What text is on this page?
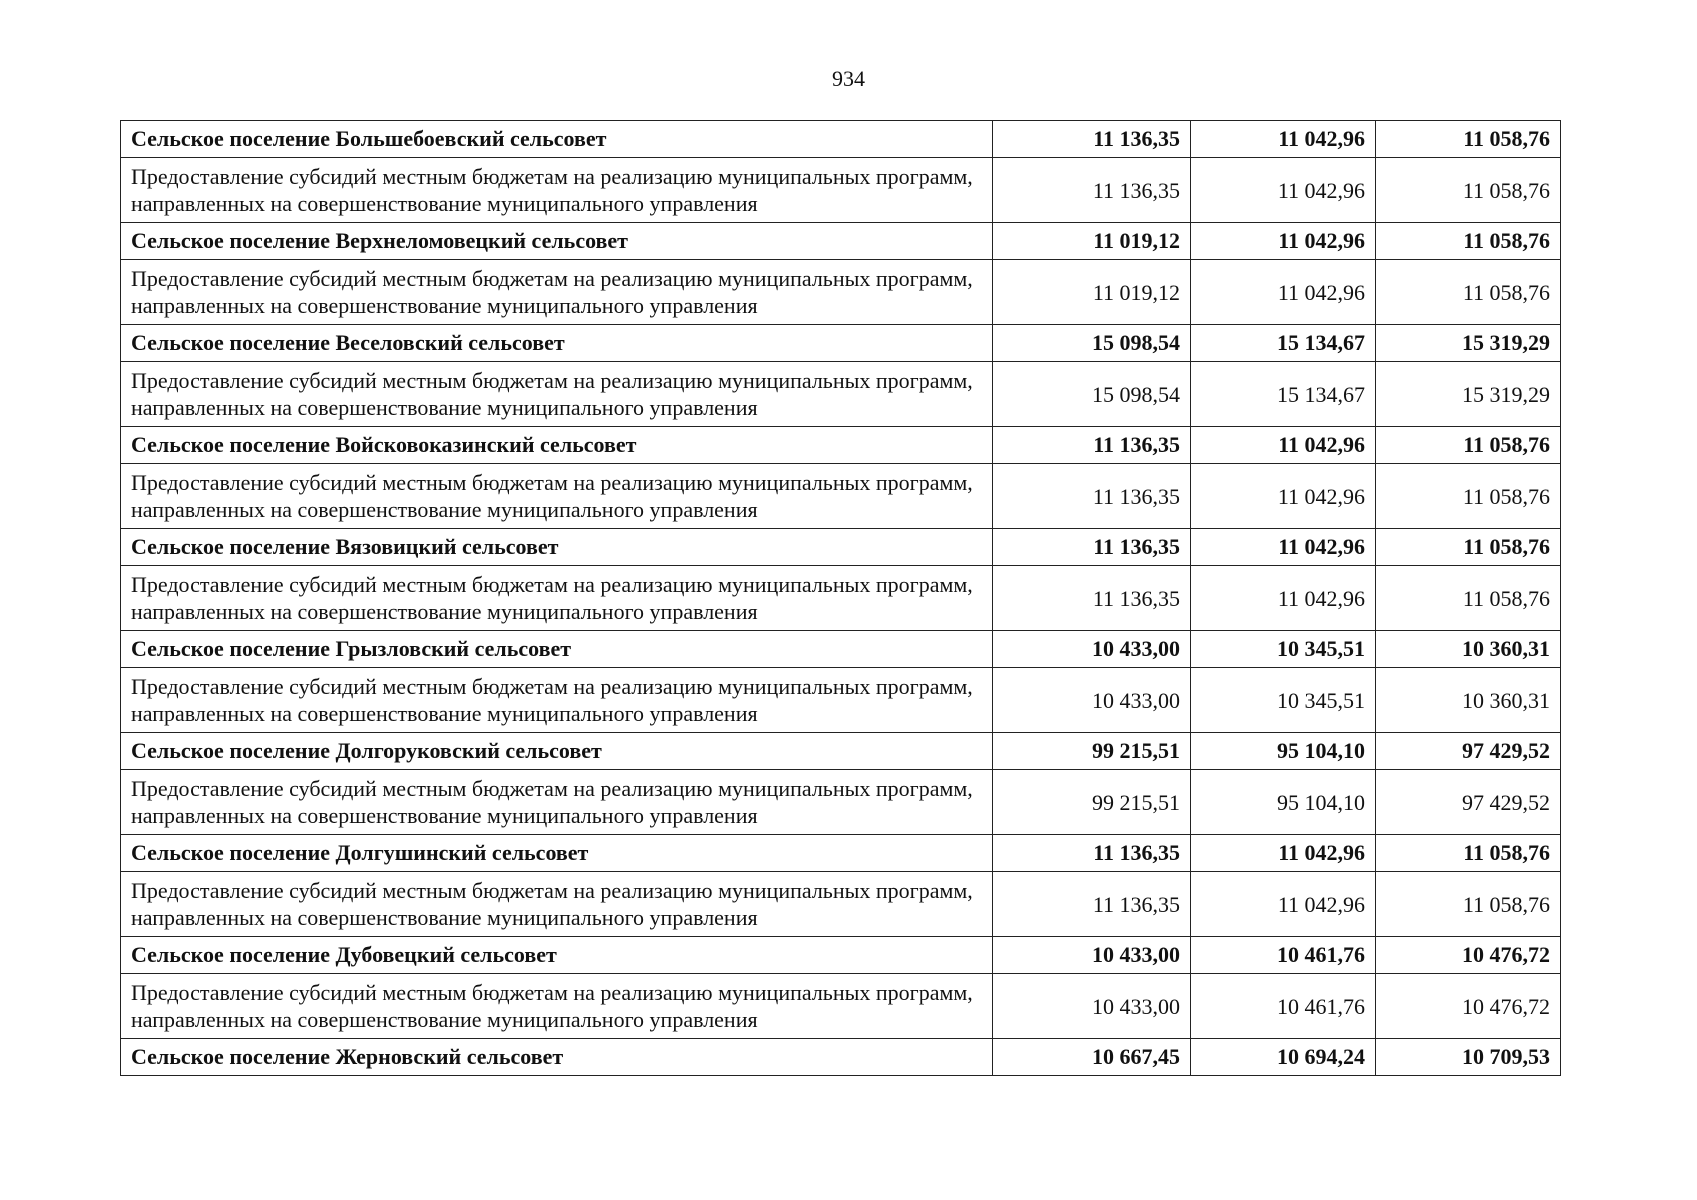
934
Сельское поселение Большебоевский сельсовет	11 136,35	11 042,96	11 058,76
Предоставление субсидий местным бюджетам на реализацию муниципальных программ, направленных на совершенствование муниципального управления	11 136,35	11 042,96	11 058,76
Сельское поселение Верхнеломовецкий сельсовет	11 019,12	11 042,96	11 058,76
Предоставление субсидий местным бюджетам на реализацию муниципальных программ, направленных на совершенствование муниципального управления	11 019,12	11 042,96	11 058,76
Сельское поселение Веселовский сельсовет	15 098,54	15 134,67	15 319,29
Предоставление субсидий местным бюджетам на реализацию муниципальных программ, направленных на совершенствование муниципального управления	15 098,54	15 134,67	15 319,29
Сельское поселение Войсковоказинский сельсовет	11 136,35	11 042,96	11 058,76
Предоставление субсидий местным бюджетам на реализацию муниципальных программ, направленных на совершенствование муниципального управления	11 136,35	11 042,96	11 058,76
Сельское поселение Вязовицкий сельсовет	11 136,35	11 042,96	11 058,76
Предоставление субсидий местным бюджетам на реализацию муниципальных программ, направленных на совершенствование муниципального управления	11 136,35	11 042,96	11 058,76
Сельское поселение Грызловский сельсовет	10 433,00	10 345,51	10 360,31
Предоставление субсидий местным бюджетам на реализацию муниципальных программ, направленных на совершенствование муниципального управления	10 433,00	10 345,51	10 360,31
Сельское поселение Долгоруковский сельсовет	99 215,51	95 104,10	97 429,52
Предоставление субсидий местным бюджетам на реализацию муниципальных программ, направленных на совершенствование муниципального управления	99 215,51	95 104,10	97 429,52
Сельское поселение Долгушинский сельсовет	11 136,35	11 042,96	11 058,76
Предоставление субсидий местным бюджетам на реализацию муниципальных программ, направленных на совершенствование муниципального управления	11 136,35	11 042,96	11 058,76
Сельское поселение Дубовецкий сельсовет	10 433,00	10 461,76	10 476,72
Предоставление субсидий местным бюджетам на реализацию муниципальных программ, направленных на совершенствование муниципального управления	10 433,00	10 461,76	10 476,72
Сельское поселение Жерновский сельсовет	10 667,45	10 694,24	10 709,53
